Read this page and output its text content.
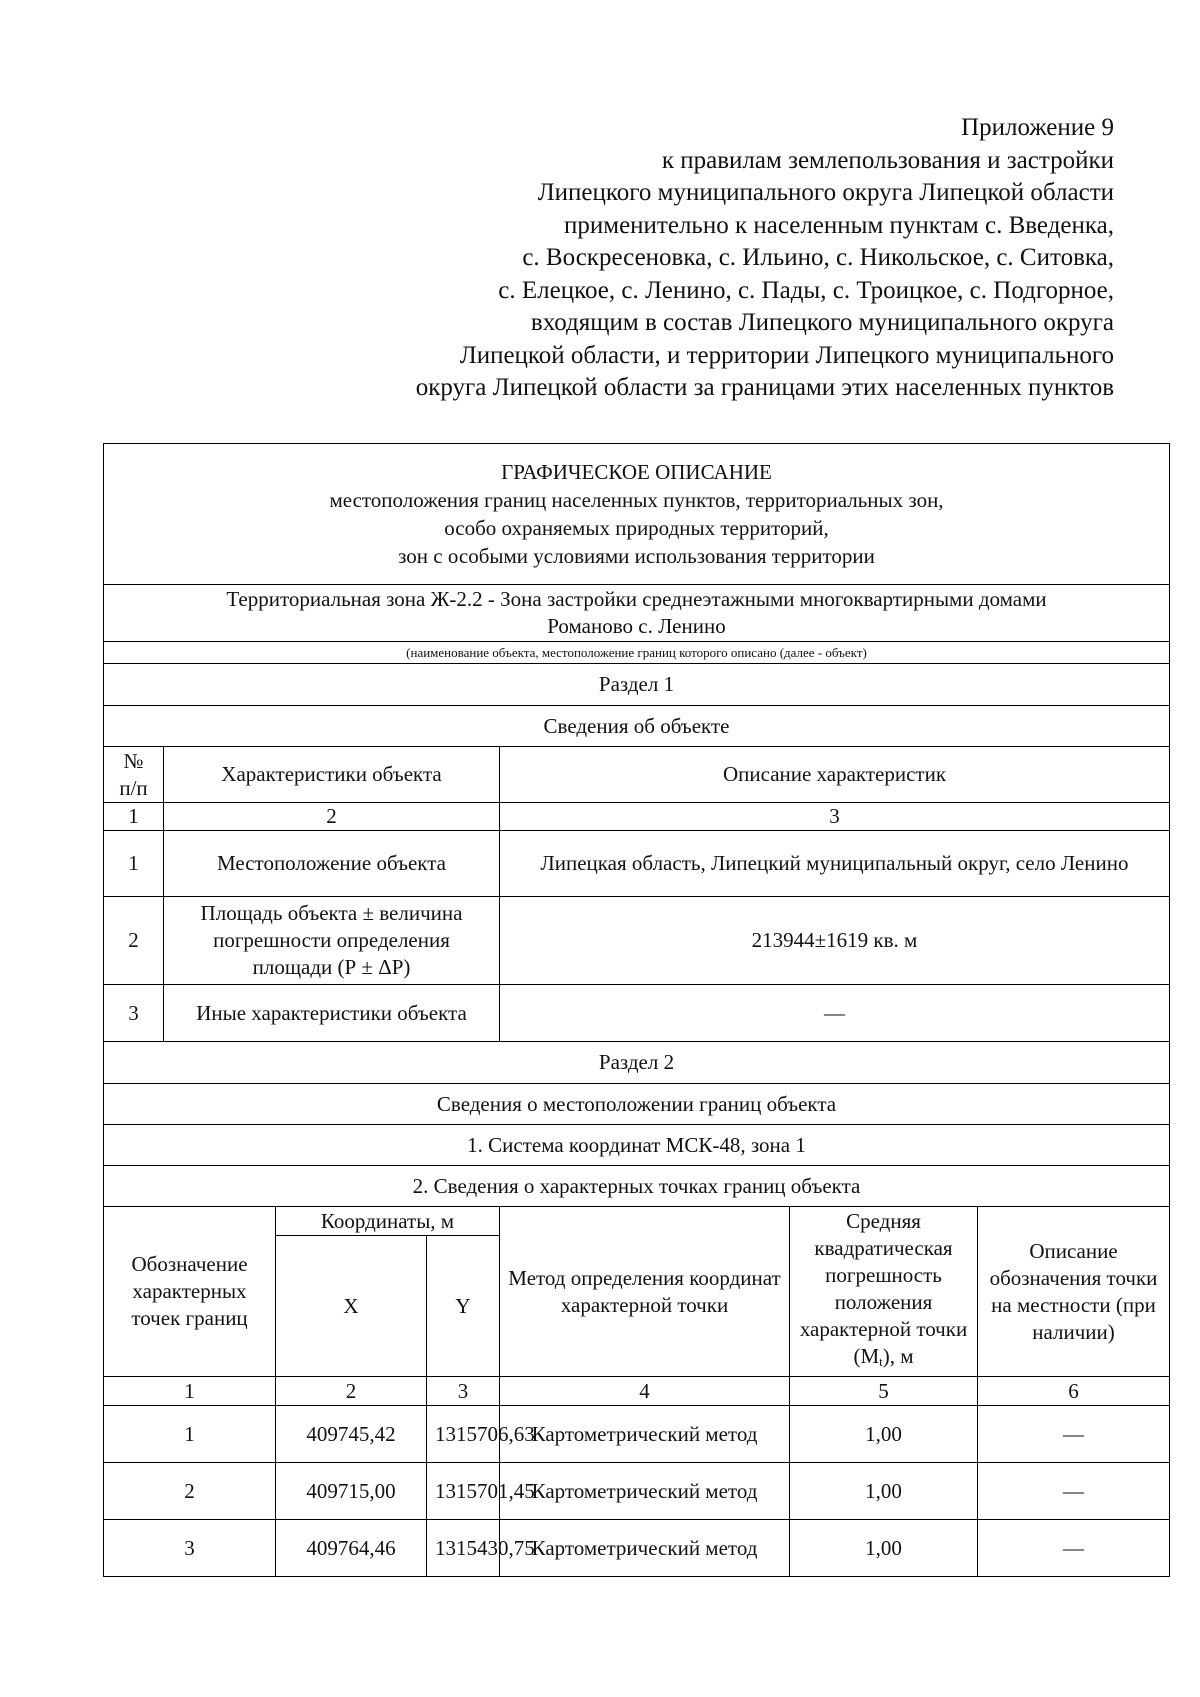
Приложение 9
к правилам землепользования и застройки
Липецкого муниципального округа Липецкой области
применительно к населенным пунктам с. Введенка,
с. Воскресеновка, с. Ильино, с. Никольское, с. Ситовка,
с. Елецкое, с. Ленино, с. Пады, с. Троицкое, с. Подгорное,
входящим в состав Липецкого муниципального округа
Липецкой области, и территории Липецкого муниципального
округа Липецкой области за границами этих населенных пунктов
ГРАФИЧЕСКОЕ ОПИСАНИЕ
местоположения границ населенных пунктов, территориальных зон,
особо охраняемых природных территорий,
зон с особыми условиями использования территории						

Территориальная зона Ж-2.2 - Зона застройки среднеэтажными многоквартирными домами
Романово с. Ленино						

(наименование объекта, местоположение границ которого описано (далее - объект)						
Раздел 1						
Сведения об объекте						

№
п/п	Характеристики объекта			Описание характеристик		
1	2			3		
1	Местоположение объекта			Липецкая область, Липецкий муниципальный округ, село Ленино		
2	Площадь объекта ± величина погрешности определения площади (Р ± ΔР)			213944±1619 кв. м		
3	Иные характеристики объекта			—		
Раздел 2						
Сведения о местоположении границ объекта						
1. Система координат МСК-48, зона 1						
2. Сведения о характерных точках границ объекта						
Обозначение характерных точек границ		Координаты, м		Метод определения координат характерной точки	Средняя квадратическая погрешность положения характерной точки $(M_t)$, м	Описание обозначения точки на местности (при наличии)
		X	Y			
1		2	3	4	5	6
1		409745,42	1315706,63	Картометрический метод	1,00	—
2		409715,00	1315701,45	Картометрический метод	1,00	—
3		409764,46	1315430,75	Картометрический метод	1,00	—
